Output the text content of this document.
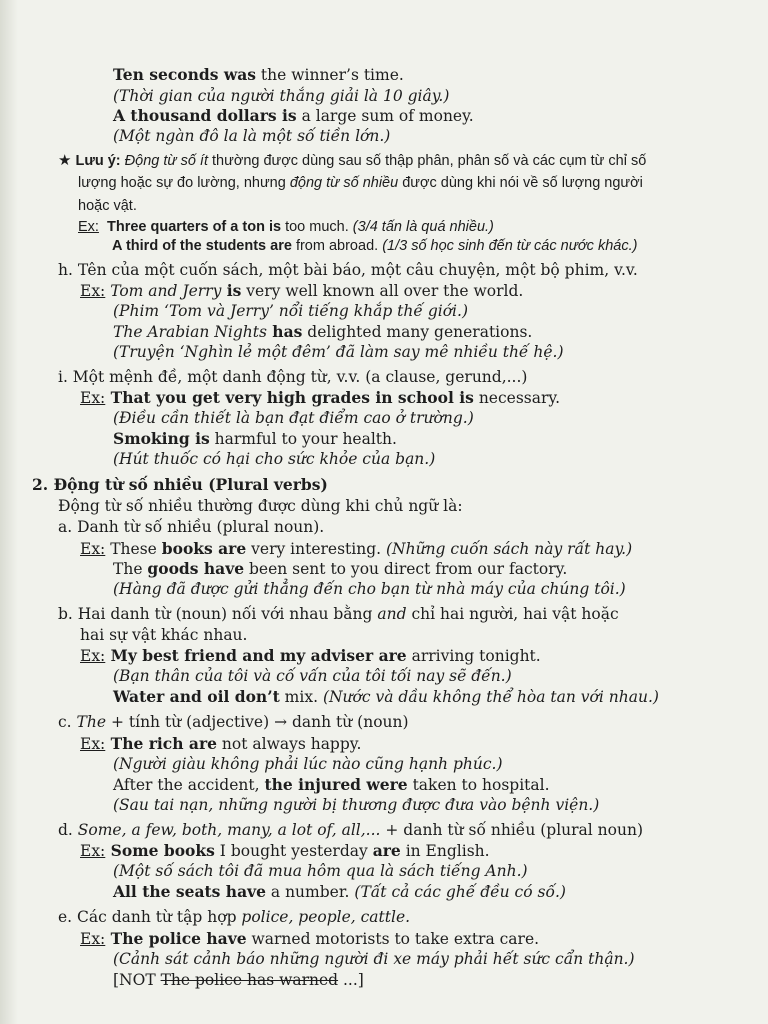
Ten seconds was the winner’s time.
(Thời gian của người thắng giải là 10 giây.)
A thousand dollars is a large sum of money.
(Một ngàn đô la là một số tiền lớn.)
★ Lưu ý: Động từ số ít thường được dùng sau số thập phân, phân số và các cụm từ chỉ số
lượng hoặc sự đo lường, nhưng động từ số nhiều được dùng khi nói về số lượng người
hoặc vật.
Ex: Three quarters of a ton is too much. (3/4 tấn là quá nhiều.)
A third of the students are from abroad. (1/3 số học sinh đến từ các nước khác.)
h. Tên của một cuốn sách, một bài báo, một câu chuyện, một bộ phim, v.v.
Ex: Tom and Jerry is very well known all over the world.
(Phim ‘Tom và Jerry’ nổi tiếng khắp thế giới.)
The Arabian Nights has delighted many generations.
(Truyện ‘Nghìn lẻ một đêm’ đã làm say mê nhiều thế hệ.)
i. Một mệnh đề, một danh động từ, v.v. (a clause, gerund,...)
Ex: That you get very high grades in school is necessary.
(Điều cần thiết là bạn đạt điểm cao ở trường.)
Smoking is harmful to your health.
(Hút thuốc có hại cho sức khỏe của bạn.)
2. Động từ số nhiều (Plural verbs)
Động từ số nhiều thường được dùng khi chủ ngữ là:
a. Danh từ số nhiều (plural noun).
Ex: These books are very interesting. (Những cuốn sách này rất hay.)
The goods have been sent to you direct from our factory.
(Hàng đã được gửi thẳng đến cho bạn từ nhà máy của chúng tôi.)
b. Hai danh từ (noun) nối với nhau bằng and chỉ hai người, hai vật hoặc
hai sự vật khác nhau.
Ex: My best friend and my adviser are arriving tonight.
(Bạn thân của tôi và cố vấn của tôi tối nay sẽ đến.)
Water and oil don’t mix. (Nước và dầu không thể hòa tan với nhau.)
c. The + tính từ (adjective) → danh từ (noun)
Ex: The rich are not always happy.
(Người giàu không phải lúc nào cũng hạnh phúc.)
After the accident, the injured were taken to hospital.
(Sau tai nạn, những người bị thương được đưa vào bệnh viện.)
d. Some, a few, both, many, a lot of, all,... + danh từ số nhiều (plural noun)
Ex: Some books I bought yesterday are in English.
(Một số sách tôi đã mua hôm qua là sách tiếng Anh.)
All the seats have a number. (Tất cả các ghế đều có số.)
e. Các danh từ tập hợp police, people, cattle.
Ex: The police have warned motorists to take extra care.
(Cảnh sát cảnh báo những người đi xe máy phải hết sức cẩn thận.)
[NOT The police has warned ...]
